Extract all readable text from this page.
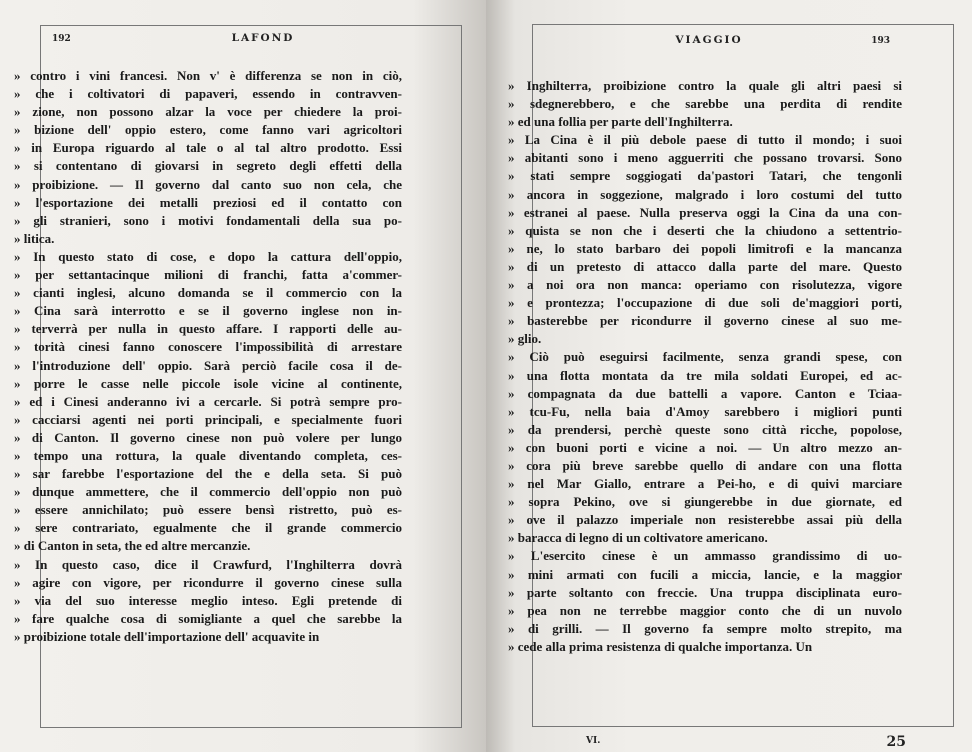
192	LAFOND
» contro i vini francesi. Non v' è differenza se non in ciò,
» che i coltivatori di papaveri, essendo in contravven-
» zione, non possono alzar la voce per chiedere la proi-
» bizione dell' oppio estero, come fanno vari agricoltori
» in Europa riguardo al tale o al tal altro prodotto. Essi
» si contentano di giovarsi in segreto degli effetti della
» proibizione. — Il governo dal canto suo non cela, che
» l'esportazione dei metalli preziosi ed il contatto con
» gli stranieri, sono i motivi fondamentali della sua po-
» litica.
» In questo stato di cose, e dopo la cattura dell'oppio,
» per settantacinque milioni di franchi, fatta a'commer-
» cianti inglesi, alcuno domanda se il commercio con la
» Cina sarà interrotto e se il governo inglese non in-
» terverrà per nulla in questo affare. I rapporti delle au-
» torità cinesi fanno conoscere l'impossibilità di arrestare
» l'introduzione dell' oppio. Sarà perciò facile cosa il de-
» porre le casse nelle piccole isole vicine al continente,
» ed i Cinesi anderanno ivi a cercarle. Si potrà sempre pro-
» cacciarsi agenti nei porti principali, e specialmente fuori
» di Canton. Il governo cinese non può volere per lungo
» tempo una rottura, la quale diventando completa, ces-
» sar farebbe l'esportazione del the e della seta. Si può
» dunque ammettere, che il commercio dell'oppio non può
» essere annichilato; può essere bensì ristretto, può es-
» sere contrariato, egualmente che il grande commercio
» di Canton in seta, the ed altre mercanzie.
» In questo caso, dice il Crawfurd, l'Inghilterra dovrà
» agire con vigore, per ricondurre il governo cinese sulla
» via del suo interesse meglio inteso. Egli pretende di
» fare qualche cosa di somigliante a quel che sarebbe la
» proibizione totale dell'importazione dell' acquavite in
VIAGGIO	193
» Inghilterra, proibizione contro la quale gli altri paesi si
» sdegnerebbero, e che sarebbe una perdita di rendite
» ed una follia per parte dell'Inghilterra.
» La Cina è il più debole paese di tutto il mondo; i suoi
» abitanti sono i meno agguerriti che possano trovarsi. Sono
» stati sempre soggiogati da'pastori Tatari, che tengonli
» ancora in soggezione, malgrado i loro costumi del tutto
» estranei al paese. Nulla preserva oggi la Cina da una con-
» quista se non che i deserti che la chiudono a settentrio-
» ne, lo stato barbaro dei popoli limitrofi e la mancanza
» di un pretesto di attacco dalla parte del mare. Questo
» a noi ora non manca: operiamo con risolutezza, vigore
» e prontezza; l'occupazione di due soli de'maggiori porti,
» basterebbe per ricondurre il governo cinese al suo me-
» glio.
» Ciò può eseguirsi facilmente, senza grandi spese, con
» una flotta montata da tre mila soldati Europei, ed ac-
» compagnata da due battelli a vapore. Canton e Tciaa-
» tcu-Fu, nella baia d'Amoy sarebbero i migliori punti
» da prendersi, perchè queste sono città ricche, popolose,
» con buoni porti e vicine a noi. — Un altro mezzo an-
» cora più breve sarebbe quello di andare con una flotta
» nel Mar Giallo, entrare a Pei-ho, e di quivi marciare
» sopra Pekino, ove si giungerebbe in due giornate, ed
» ove il palazzo imperiale non resisterebbe assai più della
» baracca di legno di un coltivatore americano.
» L'esercito cinese è un ammasso grandissimo di uo-
» mini armati con fucili a miccia, lancie, e la maggior
» parte soltanto con freccie. Una truppa disciplinata euro-
» pea non ne terrebbe maggior conto che di un nuvolo
» di grilli. — Il governo fa sempre molto strepito, ma
» cede alla prima resistenza di qualche importanza. Un
VI.	25
